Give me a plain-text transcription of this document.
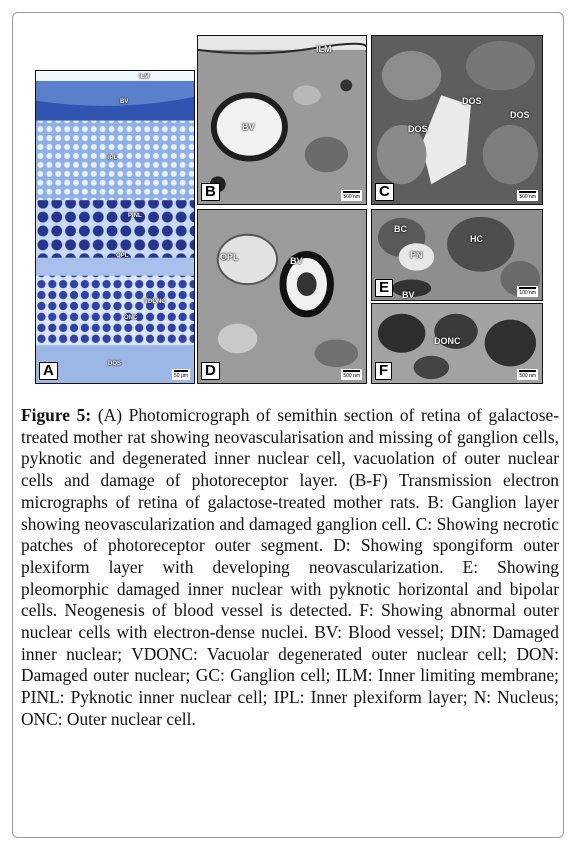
ILM
BV
IPL
PINL
OPL
VDONC
ONC
DOS
A	50 μm
ILM
BV
B	500 nm
DOS
DOS
DOS
C	500 nm
OPL	BV
D	500 nm
BC
PN
HC
BV
E	100 nm
DONC
F	500 nm
Figure 5: (A) Photomicrograph of semithin section of retina of galactose-treated mother rat showing neovascularisation and missing of ganglion cells, pyknotic and degenerated inner nuclear cell, vacuolation of outer nuclear cells and damage of photoreceptor layer. (B-F) Transmission electron micrographs of retina of galactose-treated mother rats. B: Ganglion layer showing neovascularization and damaged ganglion cell. C: Showing necrotic patches of photoreceptor outer segment. D: Showing spongiform outer plexiform layer with developing neovascularization. E: Showing pleomorphic damaged inner nuclear with pyknotic horizontal and bipolar cells. Neogenesis of blood vessel is detected. F: Showing abnormal outer nuclear cells with electron-dense nuclei. BV: Blood vessel; DIN: Damaged inner nuclear; VDONC: Vacuolar degenerated outer nuclear cell; DON: Damaged outer nuclear; GC: Ganglion cell; ILM: Inner limiting membrane; PINL: Pyknotic inner nuclear cell; IPL: Inner plexiform layer; N: Nucleus; ONC: Outer nuclear cell.
